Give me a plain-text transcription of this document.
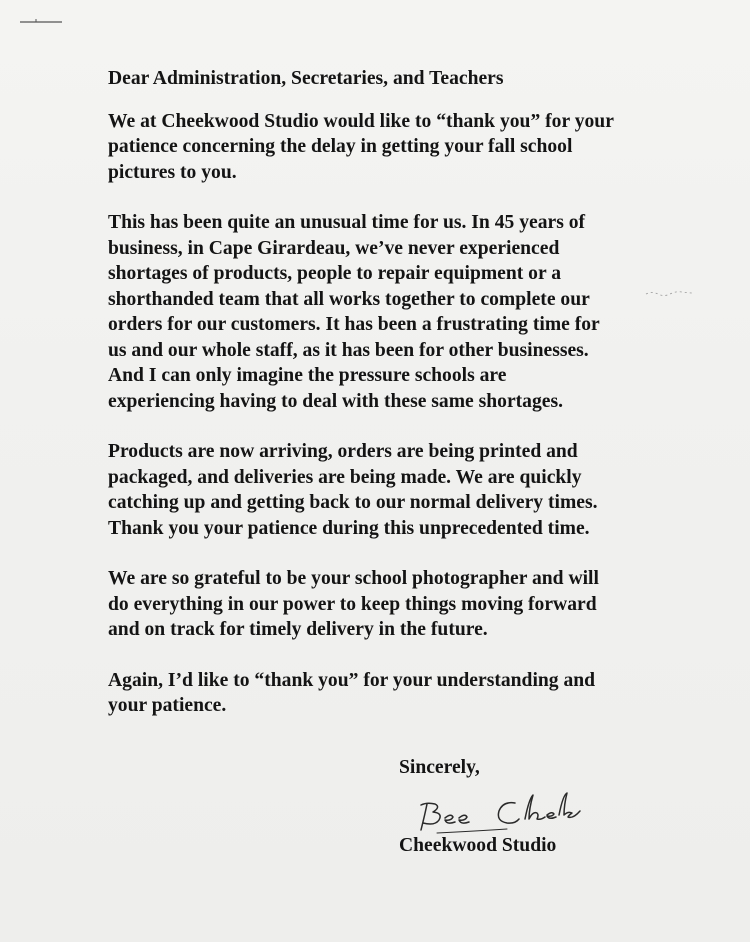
Dear Administration, Secretaries, and Teachers
We at Cheekwood Studio would like to “thank you” for your
patience concerning the delay in getting your fall school
pictures to you.
This has been quite an unusual time for us. In 45 years of
business, in Cape Girardeau, we’ve never experienced
shortages of products, people to repair equipment or a
shorthanded team that all works together to complete our
orders for our customers. It has been a frustrating time for
us and our whole staff, as it has been for other businesses.
And I can only imagine the pressure schools are
experiencing having to deal with these same shortages.
Products are now arriving, orders are being printed and
packaged, and deliveries are being made. We are quickly
catching up and getting back to our normal delivery times.
Thank you your patience during this unprecedented time.
We are so grateful to be your school photographer and will
do everything in our power to keep things moving forward
and on track for timely delivery in the future.
Again, I’d like to “thank you” for your understanding and
your patience.
Sincerely,
Cheekwood Studio
